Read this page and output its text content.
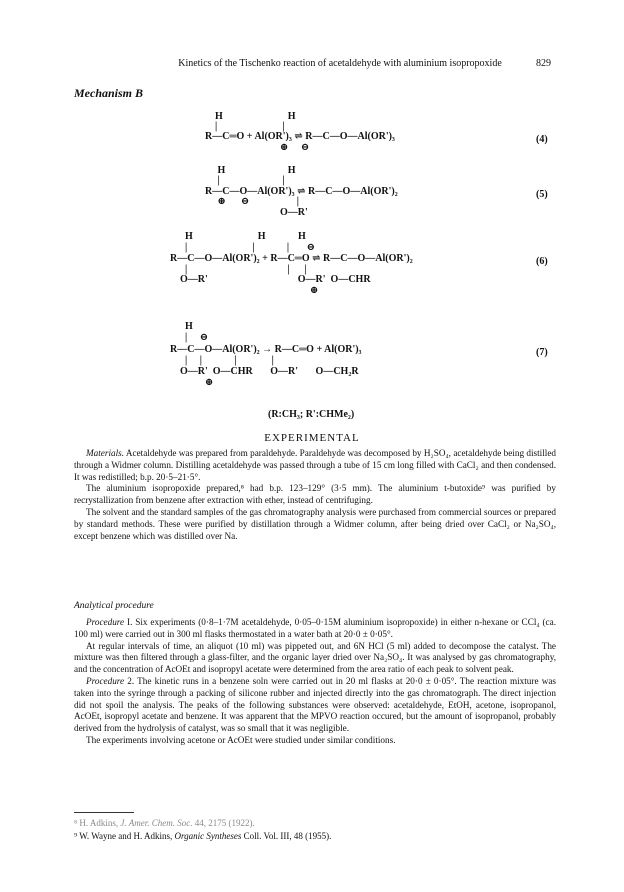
Kinetics of the Tischenko reaction of acetaldehyde with aluminium isopropoxide	829
Mechanism B
H                          H
|                          |
R—C═O + Al(OR')₃ ⇌ R—C—O—Al(OR')₃
⊕     ⊖
(4)
H                         H
|                         |
R—C—O—Al(OR')₃ ⇌ R—C—O—Al(OR')₂
⊕      ⊖                   |
O—R'
(5)
H                          H             H
|                          |             |       ⊖
R—C—O—Al(OR')₂ + R—C═O ⇌ R—C—O—Al(OR')₂
|                                        |      |
O—R'                                    O—R'  O—CHR
⊕
(6)
H
|     ⊖
R—C—O—Al(OR')₂ → R—C═O + Al(OR')₃
|     |             |              |
O—R'  O—CHR       O—R'       O—CH₂R
⊕
(7)
(R:CH₃; R':CHMe₂)
EXPERIMENTAL

Materials. Acetaldehyde was prepared from paraldehyde. Paraldehyde was decomposed by H₂SO₄, acetaldehyde being distilled through a Widmer column. Distilling acetaldehyde was passed through a tube of 15 cm long filled with CaCl₂ and then condensed. It was redistilled; b.p. 20·5–21·5°.

The aluminium isopropoxide prepared,⁸ had b.p. 123–129° (3·5 mm). The aluminium t-butoxide⁹ was purified by recrystallization from benzene after extraction with ether, instead of centrifuging.

The solvent and the standard samples of the gas chromatography analysis were purchased from commercial sources or prepared by standard methods. These were purified by distillation through a Widmer column, after being dried over CaCl₂ or Na₂SO₄, except benzene which was distilled over Na.

Analytical procedure

Procedure I. Six experiments (0·8–1·7M acetaldehyde, 0·05–0·15M aluminium isopropoxide) in either n-hexane or CCl₄ (ca. 100 ml) were carried out in 300 ml flasks thermostated in a water bath at 20·0 ± 0·05°.

At regular intervals of time, an aliquot (10 ml) was pippeted out, and 6N HCl (5 ml) added to decompose the catalyst. The mixture was then filtered through a glass-filter, and the organic layer dried over Na₂SO₄. It was analysed by gas chromatography, and the concentration of AcOEt and isopropyl acetate were determined from the area ratio of each peak to solvent peak.

Procedure 2. The kinetic runs in a benzene soln were carried out in 20 ml flasks at 20·0 ± 0·05°. The reaction mixture was taken into the syringe through a packing of silicone rubber and injected directly into the gas chromatograph. The direct injection did not spoil the analysis. The peaks of the following substances were observed: acetaldehyde, EtOH, acetone, isopropanol, AcOEt, isopropyl acetate and benzene. It was apparent that the MPVO reaction occured, but the amount of isopropanol, probably derived from the hydrolysis of catalyst, was so small that it was negligible.

The experiments involving acetone or AcOEt were studied under similar conditions.

⁸ H. Adkins, J. Amer. Chem. Soc. 44, 2175 (1922).
⁹ W. Wayne and H. Adkins, Organic Syntheses Coll. Vol. III, 48 (1955).
